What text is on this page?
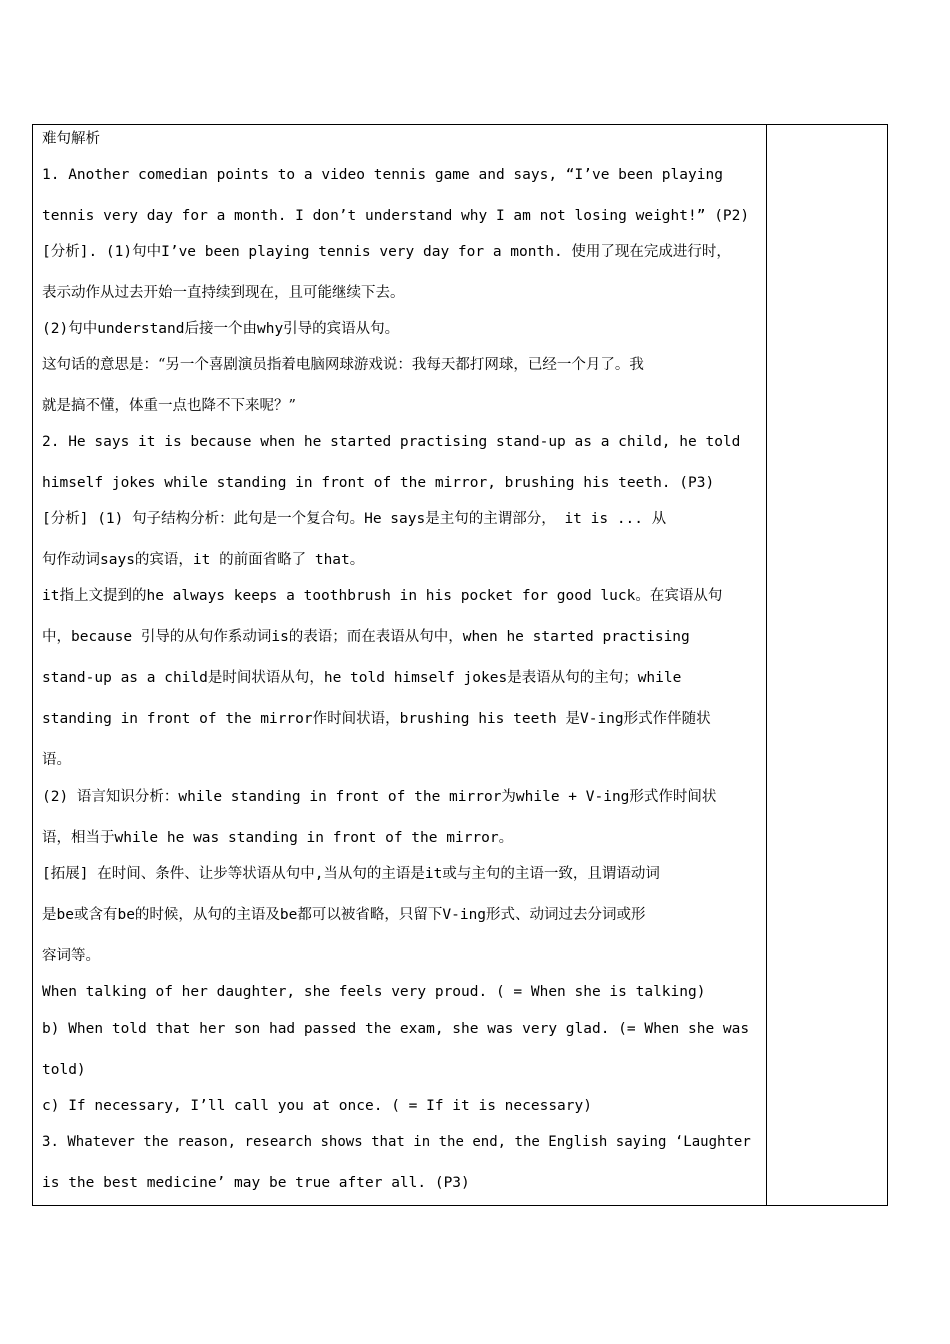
难句解析
1. Another comedian points to a video tennis game and says, “I’ve been playing
tennis very day for a month. I don’t understand why I am not losing weight!” (P2)
[分析]. (1)句中I’ve been playing tennis very day for a month. 使用了现在完成进行时，
表示动作从过去开始一直持续到现在，且可能继续下去。
(2)句中understand后接一个由why引导的宾语从句。
这句话的意思是：“另一个喜剧演员指着电脑网球游戏说：我每天都打网球，已经一个月了。我
就是搞不懂，体重一点也降不下来呢？”
2. He says it is because when he started practising stand-up as a child, he told
himself jokes while standing in front of the mirror, brushing his teeth. (P3)
[分析] (1) 句子结构分析：此句是一个复合句。He says是主句的主谓部分， it is ... 从
句作动词says的宾语，it 的前面省略了 that。
it指上文提到的he always keeps a toothbrush in his pocket for good luck。在宾语从句
中，because 引导的从句作系动词is的表语；而在表语从句中，when he started practising
stand-up as a child是时间状语从句，he told himself jokes是表语从句的主句；while
standing in front of the mirror作时间状语，brushing his teeth 是V-ing形式作伴随状
语。
(2) 语言知识分析：while standing in front of the mirror为while + V-ing形式作时间状
语，相当于while he was standing in front of the mirror。
[拓展] 在时间、条件、让步等状语从句中,当从句的主语是it或与主句的主语一致，且谓语动词
是be或含有be的时候，从句的主语及be都可以被省略，只留下V-ing形式、动词过去分词或形
容词等。
When talking of her daughter, she feels very proud. ( = When she is talking)
b) When told that her son had passed the exam, she was very glad. (= When she was
told)
c) If necessary, I’ll call you at once. ( = If it is necessary)
3. Whatever the reason, research shows that in the end, the English saying ‘Laughter
is the best medicine’ may be true after all. (P3)
